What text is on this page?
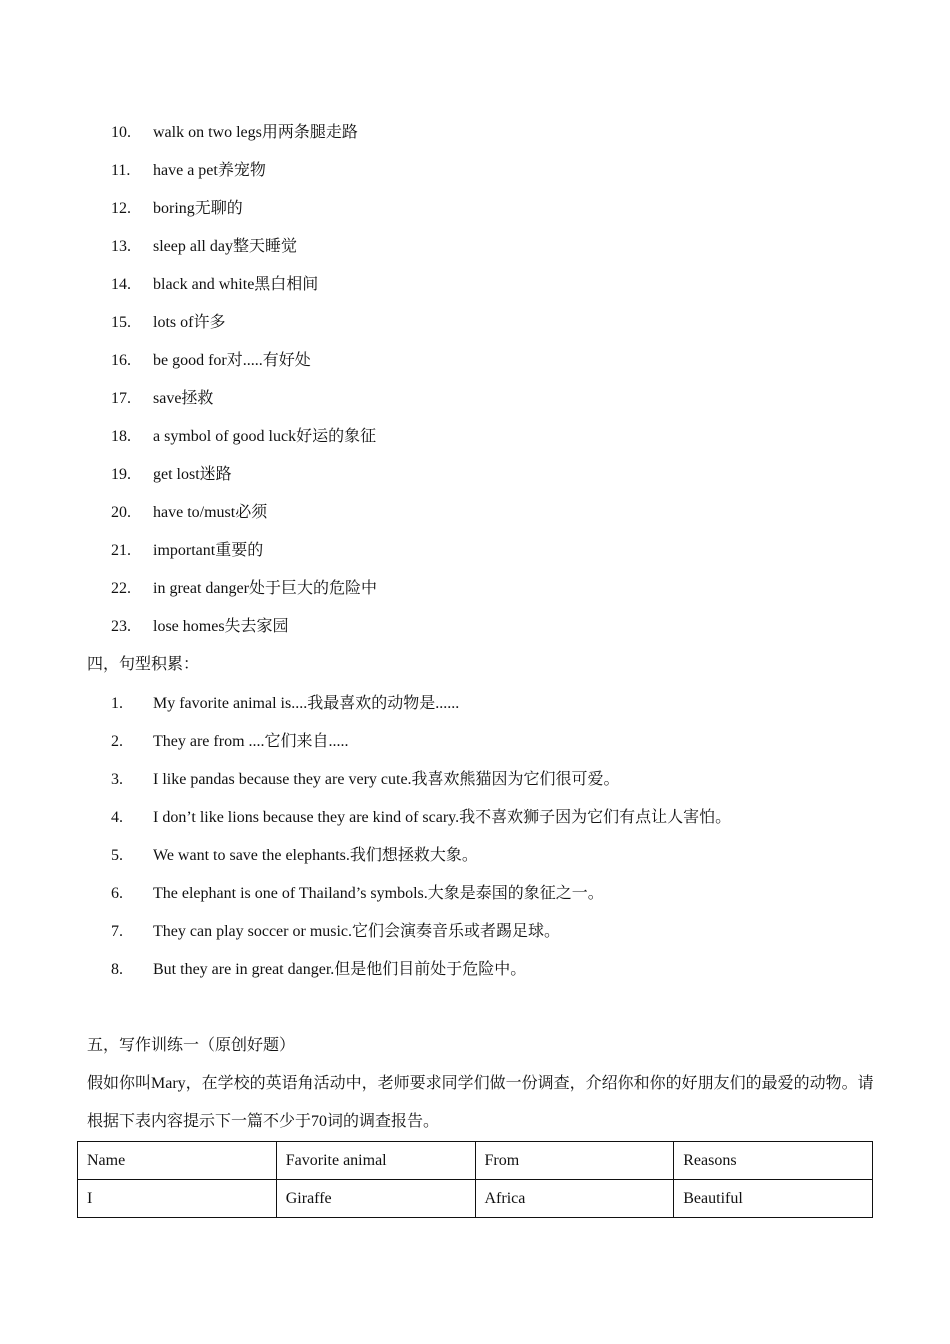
10.	walk on two legs用两条腿走路
11.	have a pet养宠物
12.	boring无聊的
13.	sleep all day整天睡觉
14.	black and white黑白相间
15.	lots of许多
16.	be good for对.....有好处
17.	save拯救
18.	a symbol of good luck好运的象征
19.	get lost迷路
20.	have to/must必须
21.	important重要的
22.	in great danger处于巨大的危险中
23.	lose homes失去家园
四，句型积累：
1.	My favorite animal is....我最喜欢的动物是......
2.	They are from ....它们来自.....
3.	I like pandas because they are very cute.我喜欢熊猫因为它们很可爱。
4.	I don’t like lions because they are kind of scary.我不喜欢狮子因为它们有点让人害怕。
5.	We want to save the elephants.我们想拯救大象。
6.	The elephant is one of Thailand’s symbols.大象是泰国的象征之一。
7.	They can play soccer or music.它们会演奏音乐或者踢足球。
8.	But they are in great danger.但是他们目前处于危险中。
五，写作训练一（原创好题）
假如你叫Mary，在学校的英语角活动中，老师要求同学们做一份调查，介绍你和你的好朋友们的最爱的动物。请根据下表内容提示下一篇不少于70词的调查报告。
Name	Favorite animal	From	Reasons
I	Giraffe	Africa	Beautiful
